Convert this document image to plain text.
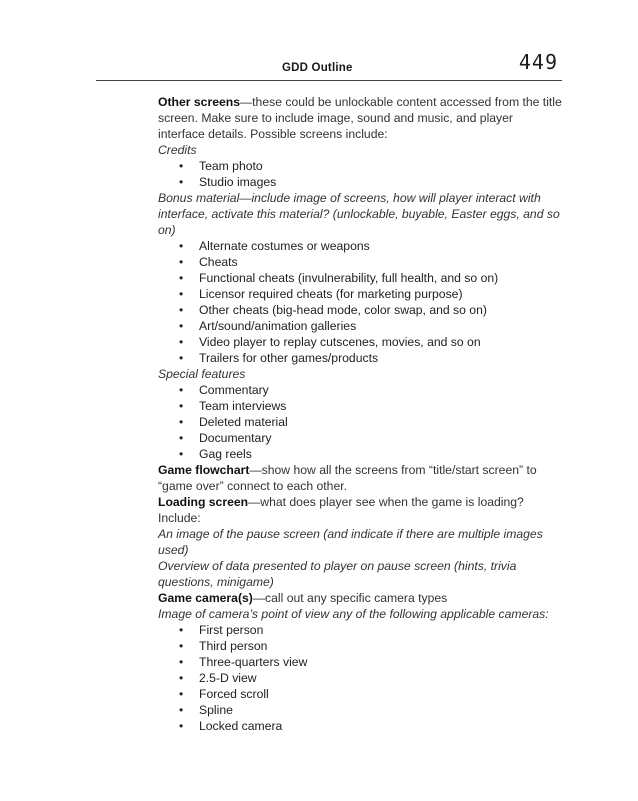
GDD Outline	449

Other screens—these could be unlockable content accessed from the title screen. Make sure to include image, sound and music, and player interface details. Possible screens include:

Credits

• Team photo
• Studio images

Bonus material—include image of screens, how will player interact with interface, activate this material? (unlockable, buyable, Easter eggs, and so on)

• Alternate costumes or weapons
• Cheats
• Functional cheats (invulnerability, full health, and so on)
• Licensor required cheats (for marketing purpose)
• Other cheats (big-head mode, color swap, and so on)
• Art/sound/animation galleries
• Video player to replay cutscenes, movies, and so on
• Trailers for other games/products

Special features

• Commentary
• Team interviews
• Deleted material
• Documentary
• Gag reels

Game flowchart—show how all the screens from “title/start screen” to “game over” connect to each other.

Loading screen—what does player see when the game is loading? Include:

An image of the pause screen (and indicate if there are multiple images used)

Overview of data presented to player on pause screen (hints, trivia questions, minigame)

Game camera(s)—call out any specific camera types

Image of camera’s point of view any of the following applicable cameras:

• First person
• Third person
• Three-quarters view
• 2.5-D view
• Forced scroll
• Spline
• Locked camera
